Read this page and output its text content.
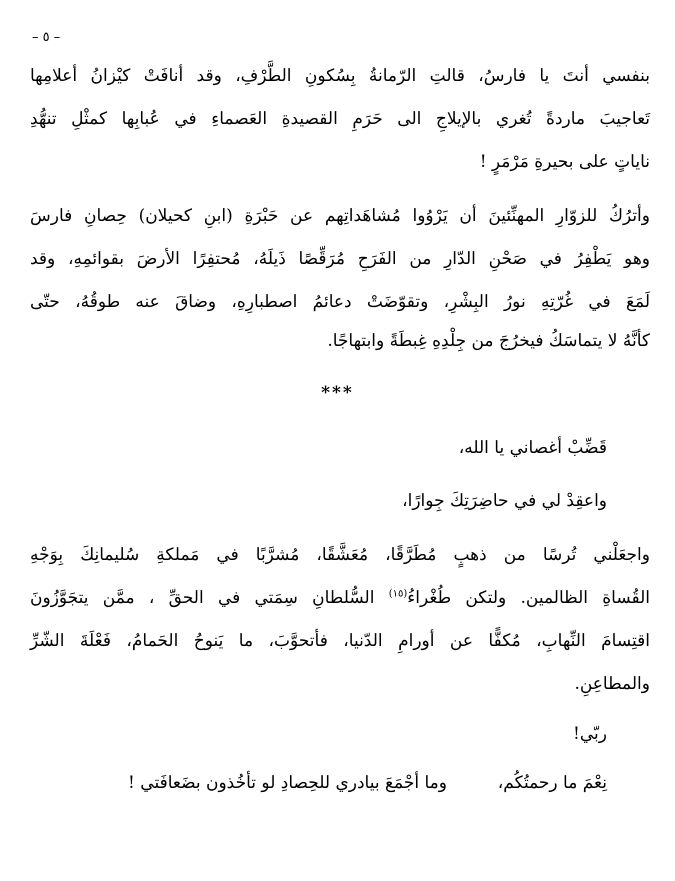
– ٥ –
بنفسي أنتَ يا فارسُ، قالتِ الرّمانةُ بِسُكونِ الطَّرْفِ، وقد أنافَتْ كيْزانُ أعلامِها
تَعاجيبَ ماردةً تُغري بالإيلاجِ الى حَرَمِ القصيدةِ العَصماءِ في عُبابِها كمثْلِ تنهُّدِ
ناياتٍ على بحيرةِ مَرْمَرٍ !
وأترُكُ للزوّارِ المهنِّئينَ أن يَرْوُوا مُشاهَداتِهم عن حَبْرَةِ (ابنِ كحيلان) حِصانِ فارسَ
وهو يَطْفِرُ في صَحْنِ الدّارِ من الفَرَحِ مُرَقِّصًا ذَيلَهُ، مُحتفِرًا الأرضَ بقوائمِهِ، وقد
لَمَعَ في غُرّتِهِ نورُ البِشْرِ، وتقوّضَتْ دعائمُ اصطبارِهِ، وضاقَ عنه طوقُهُ، حتّى
كأنَّهُ لا يتماسَكُ فيخرُجَ من جِلْدِهِ غِبطَةً وابتهاجًا.
***
قَضِّبْ أغصاني يا الله،
واعقِدْ لي في حاضِرَتِكَ جِوارًا،
واجعَلْني تُرسًا من ذهبٍ مُطَرَّقًا، مُعَشَّقًا، مُشرَّبًا في مَملكةِ سُليمانِكَ بِوَجْهِ
القُساةِ الظالمين. ولتكن طُغْراءُ$^{(١٥)}$ السُّلطانِ سِمَتي في الحقِّ ، ممَّن يتجَوَّزُونَ
اقتِسامَ النِّهابِ، مُكفًّا عن أورامِ الدّنيا، فأتحوَّبَ، ما يَنوحُ الحَمامُ، فَعْلَةَ الشّرِّ
والمطاعِنِ.
ربّي!
نِعْمَ ما رحمتُكُم،
وما أجْمَعَ بيادري للحِصادِ لو تأخُذون بضَعافَتي !
